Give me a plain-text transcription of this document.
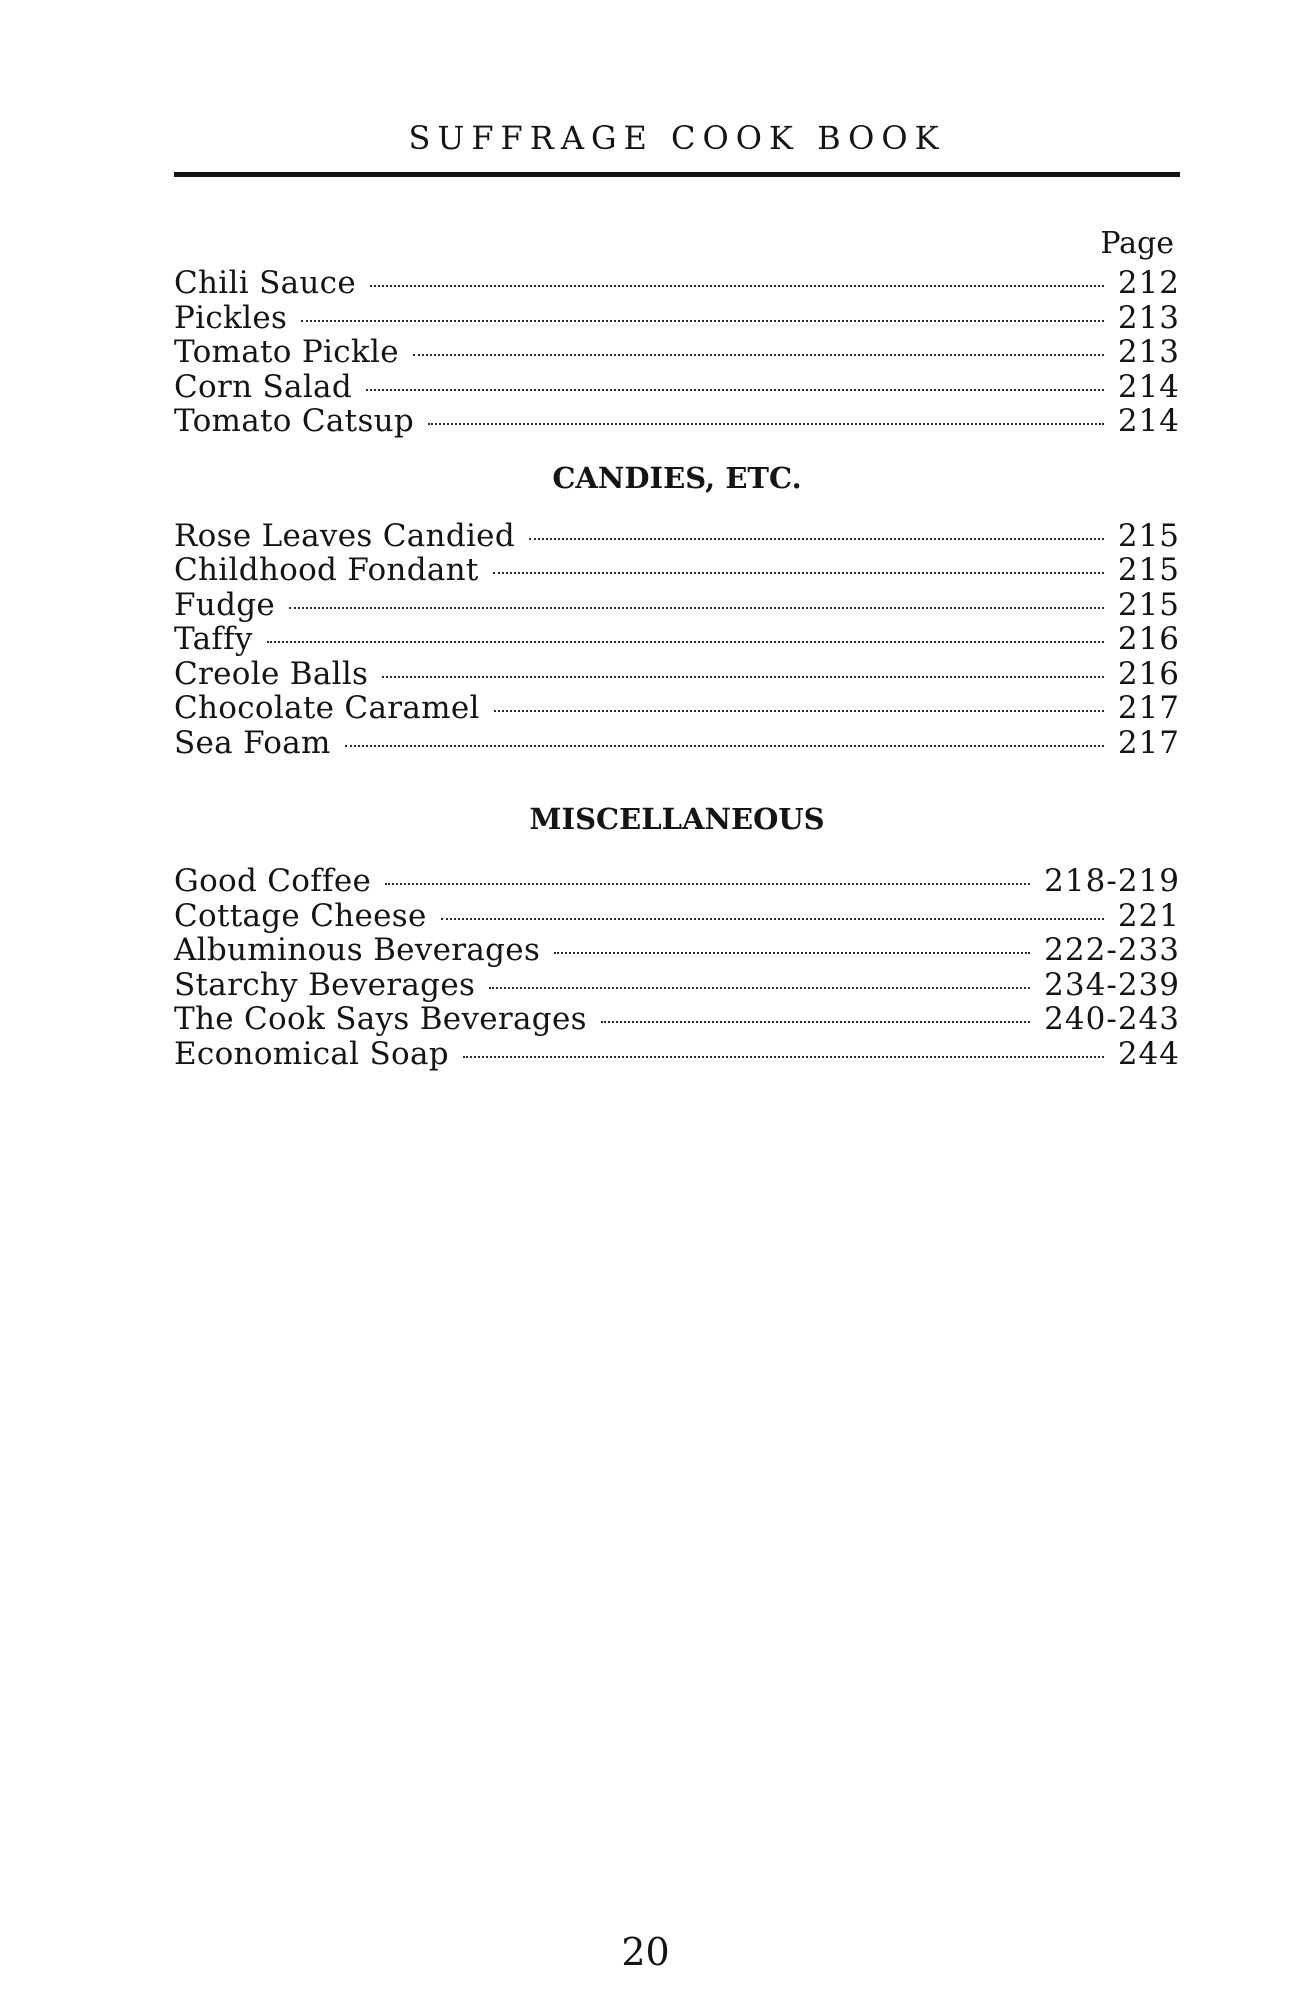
SUFFRAGE COOK BOOK
Page
Chili Sauce	212
Pickles	213
Tomato Pickle	213
Corn Salad	214
Tomato Catsup	214
CANDIES, ETC.
Rose Leaves Candied	215
Childhood Fondant	215
Fudge	215
Taffy	216
Creole Balls	216
Chocolate Caramel	217
Sea Foam	217
MISCELLANEOUS
Good Coffee	218-219
Cottage Cheese	221
Albuminous Beverages	222-233
Starchy Beverages	234-239
The Cook Says Beverages	240-243
Economical Soap	244
20
